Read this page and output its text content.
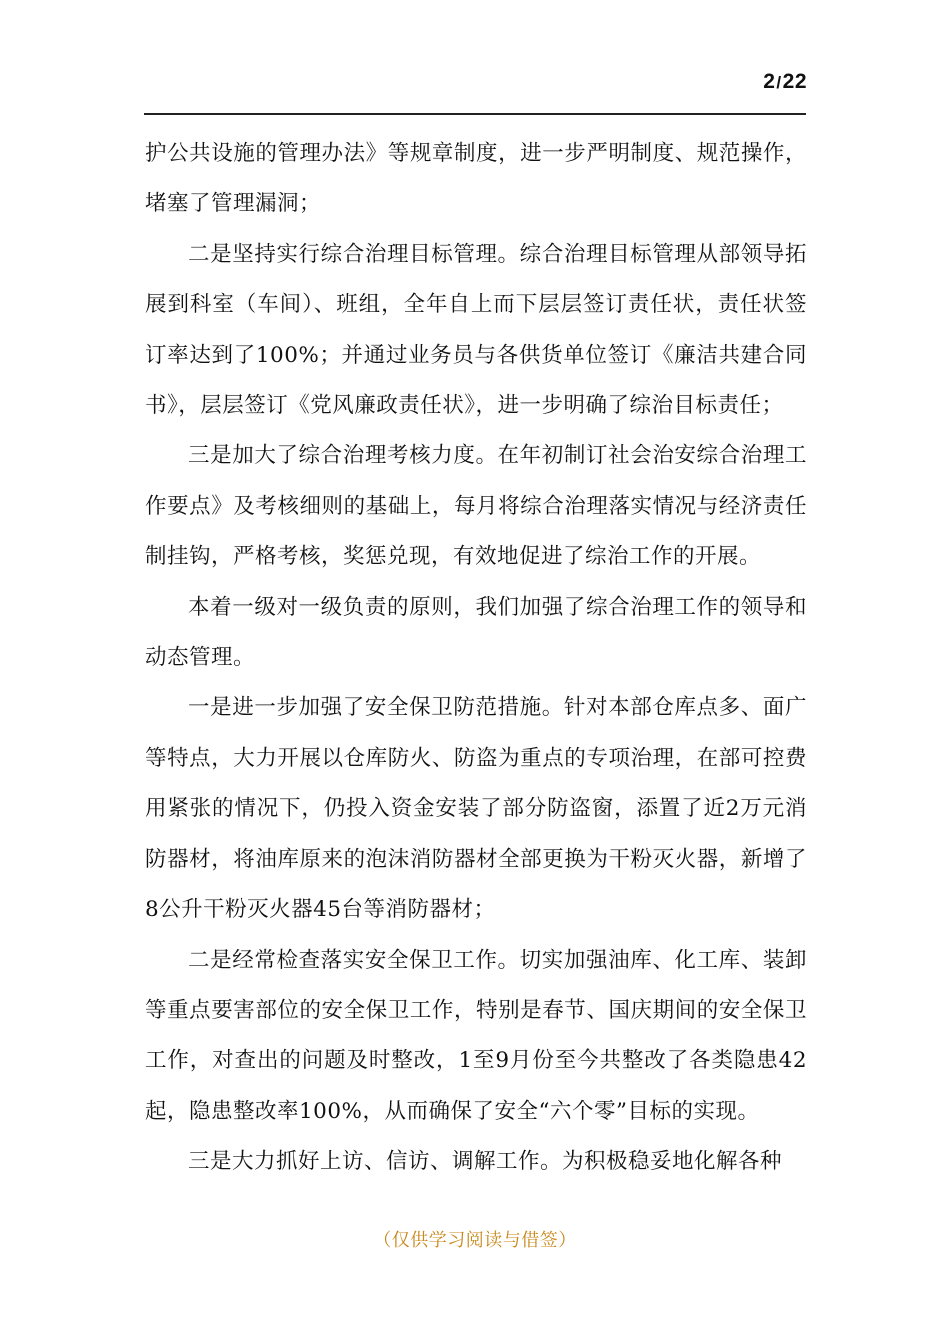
2/22

护公共设施的管理办法》等规章制度，进一步严明制度、规范操作，堵塞了管理漏洞；

二是坚持实行综合治理目标管理。综合治理目标管理从部领导拓展到科室（车间）、班组，全年自上而下层层签订责任状，责任状签订率达到了100%；并通过业务员与各供货单位签订《廉洁共建合同书》，层层签订《党风廉政责任状》，进一步明确了综治目标责任；

三是加大了综合治理考核力度。在年初制订社会治安综合治理工作要点》及考核细则的基础上，每月将综合治理落实情况与经济责任制挂钩，严格考核，奖惩兑现，有效地促进了综治工作的开展。

本着一级对一级负责的原则，我们加强了综合治理工作的领导和动态管理。

一是进一步加强了安全保卫防范措施。针对本部仓库点多、面广等特点，大力开展以仓库防火、防盗为重点的专项治理，在部可控费用紧张的情况下，仍投入资金安装了部分防盗窗，添置了近2万元消防器材，将油库原来的泡沫消防器材全部更换为干粉灭火器，新增了8公升干粉灭火器45台等消防器材；

二是经常检查落实安全保卫工作。切实加强油库、化工库、装卸等重点要害部位的安全保卫工作，特别是春节、国庆期间的安全保卫工作，对查出的问题及时整改，1至9月份至今共整改了各类隐患42起，隐患整改率100%，从而确保了安全“六个零”目标的实现。

三是大力抓好上访、信访、调解工作。为积极稳妥地化解各种

（仅供学习阅读与借签）
